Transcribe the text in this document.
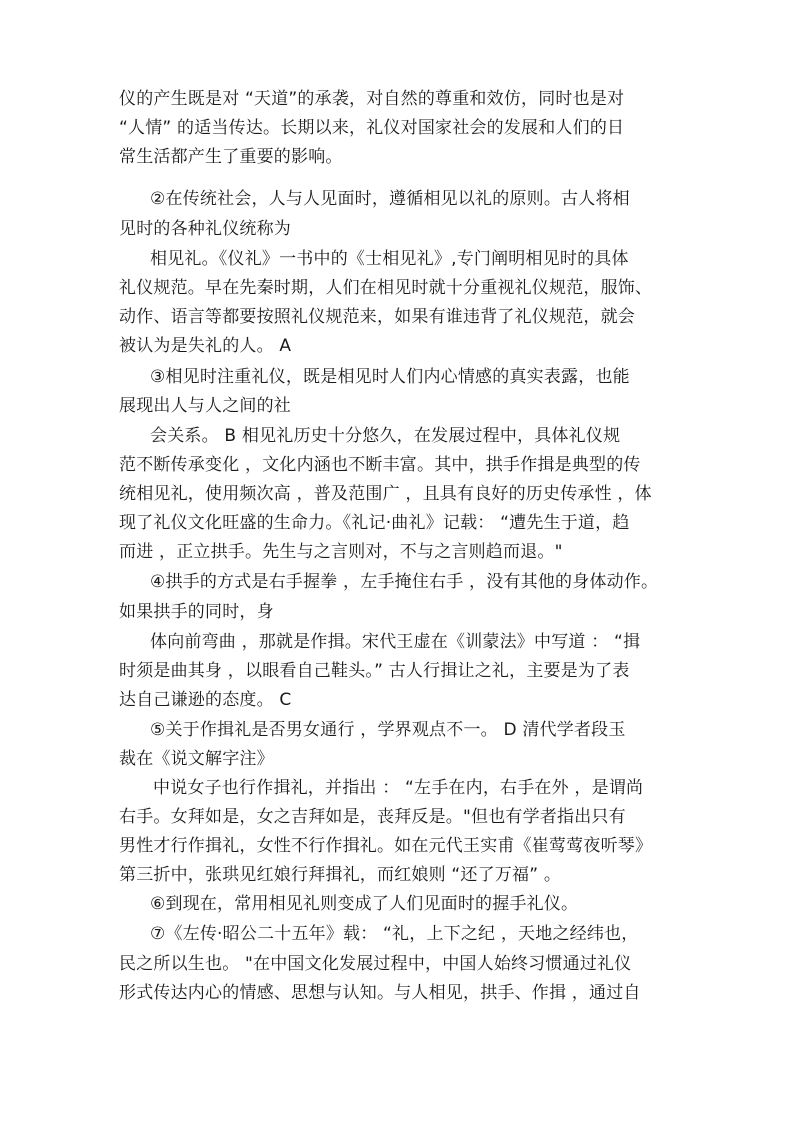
仪的产生既是对 “天道”的承袭，对自然的尊重和效仿，同时也是对
“人情” 的适当传达。长期以来，礼仪对国家社会的发展和人们的日
常生活都产生了重要的影响。
②在传统社会，人与人见面时，遵循相见以礼的原则。古人将相
见时的各种礼仪统称为
相见礼。《仪礼》一书中的《士相见礼》,专门阐明相见时的具体
礼仪规范。早在先秦时期，人们在相见时就十分重视礼仪规范，服饰、
动作、语言等都要按照礼仪规范来，如果有谁违背了礼仪规范，就会
被认为是失礼的人。 A
③相见时注重礼仪，既是相见时人们内心情感的真实表露，也能
展现出人与人之间的社
会关系。 B 相见礼历史十分悠久，在发展过程中，具体礼仪规
范不断传承变化 ，文化内涵也不断丰富。其中，拱手作揖是典型的传
统相见礼，使用频次高 ，普及范围广 ，且具有良好的历史传承性 ，体
现了礼仪文化旺盛的生命力。《礼记·曲礼》记载： “遭先生于道，趋
而进 ，正立拱手。先生与之言则对，不与之言则趋而退。"
④拱手的方式是右手握拳 ，左手掩住右手 ，没有其他的身体动作。
如果拱手的同时，身
体向前弯曲 ，那就是作揖。宋代王虚在《训蒙法》中写道 ： “揖
时须是曲其身 ，以眼看自己鞋头。” 古人行揖让之礼，主要是为了表
达自己谦逊的态度。 C
⑤关于作揖礼是否男女通行 ，学界观点不一。 D 清代学者段玉
裁在《说文解字注》
中说女子也行作揖礼，并指出 ： “左手在内，右手在外 ，是谓尚
右手。女拜如是，女之吉拜如是，丧拜反是。"但也有学者指出只有
男性才行作揖礼，女性不行作揖礼。如在元代王实甫《崔莺莺夜听琴》
第三折中，张珙见红娘行拜揖礼，而红娘则 “还了万福” 。
⑥到现在，常用相见礼则变成了人们见面时的握手礼仪。
⑦《左传·昭公二十五年》载： “礼，上下之纪 ，天地之经纬也，
民之所以生也。 "在中国文化发展过程中，中国人始终习惯通过礼仪
形式传达内心的情感、思想与认知。与人相见，拱手、作揖 ，通过自
